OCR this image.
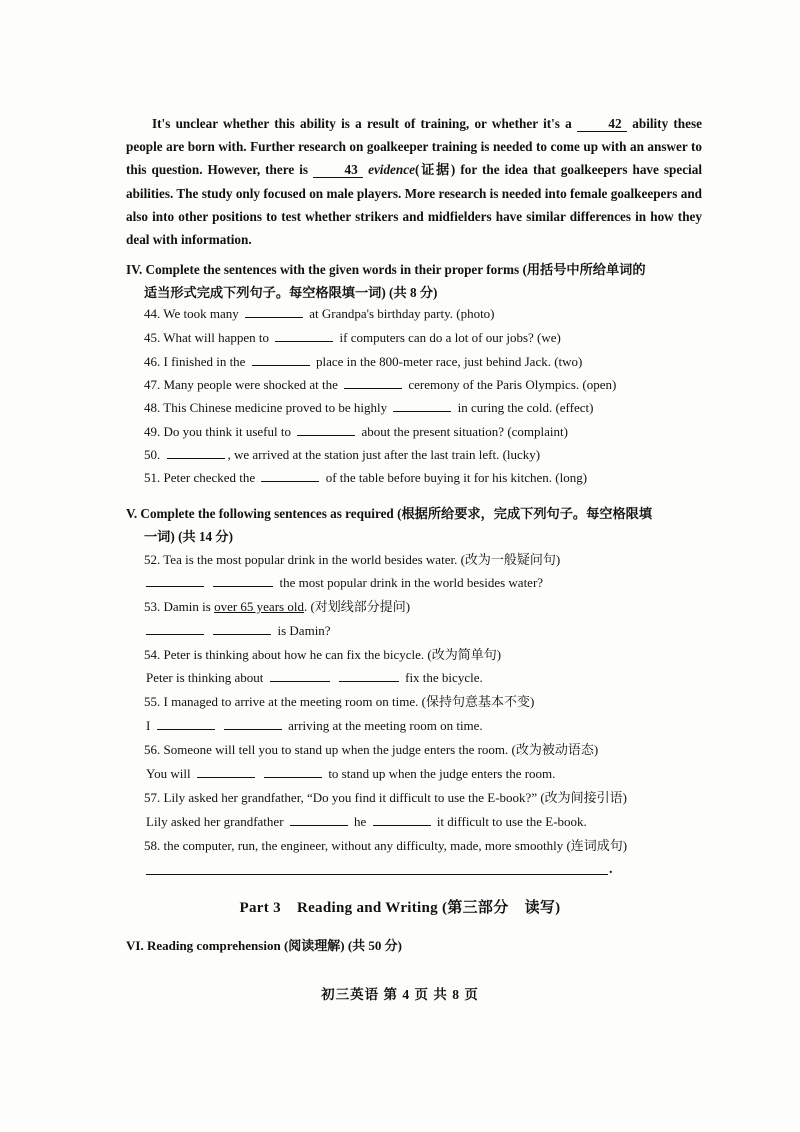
It's unclear whether this ability is a result of training, or whether it's a	42 ability these people are born with. Further research on goalkeeper training is needed to come up with an answer to this question. However, there is	43 evidence(证据) for the idea that goalkeepers have special abilities. The study only focused on male players. More research is needed into female goalkeepers and also into other positions to test whether strikers and midfielders have similar differences in how they deal with information.

IV. Complete the sentences with the given words in their proper forms (用括号中所给单词的
适当形式完成下列句子。每空格限填一词) (共 8 分)
44. We took many	at Grandpa's birthday party. (photo)
45. What will happen to	if computers can do a lot of our jobs? (we)
46. I finished in the	place in the 800-meter race, just behind Jack. (two)
47. Many people were shocked at the	ceremony of the Paris Olympics. (open)
48. This Chinese medicine proved to be highly	in curing the cold. (effect)
49. Do you think it useful to	about the present situation? (complaint)
50.	, we arrived at the station just after the last train left. (lucky)
51. Peter checked the	of the table before buying it for his kitchen. (long)
V. Complete the following sentences as required (根据所给要求，完成下列句子。每空格限填
一词) (共 14 分)
52. Tea is the most popular drink in the world besides water. (改为一般疑问句)
the most popular drink in the world besides water?
53. Damin is over 65 years old. (对划线部分提问)
is Damin?
54. Peter is thinking about how he can fix the bicycle. (改为简单句)
Peter is thinking about	fix the bicycle.
55. I managed to arrive at the meeting room on time. (保持句意基本不变)
I	arriving at the meeting room on time.
56. Someone will tell you to stand up when the judge enters the room. (改为被动语态)
You will	to stand up when the judge enters the room.
57. Lily asked her grandfather, “Do you find it difficult to use the E-book?” (改为间接引语)
Lily asked her grandfather	he	it difficult to use the E-book.
58. the computer, run, the engineer, without any difficulty, made, more smoothly (连词成句)
.
Part 3 Reading and Writing (第三部分 读写)
VI. Reading comprehension (阅读理解) (共 50 分)
初三英语 第 4 页 共 8 页
